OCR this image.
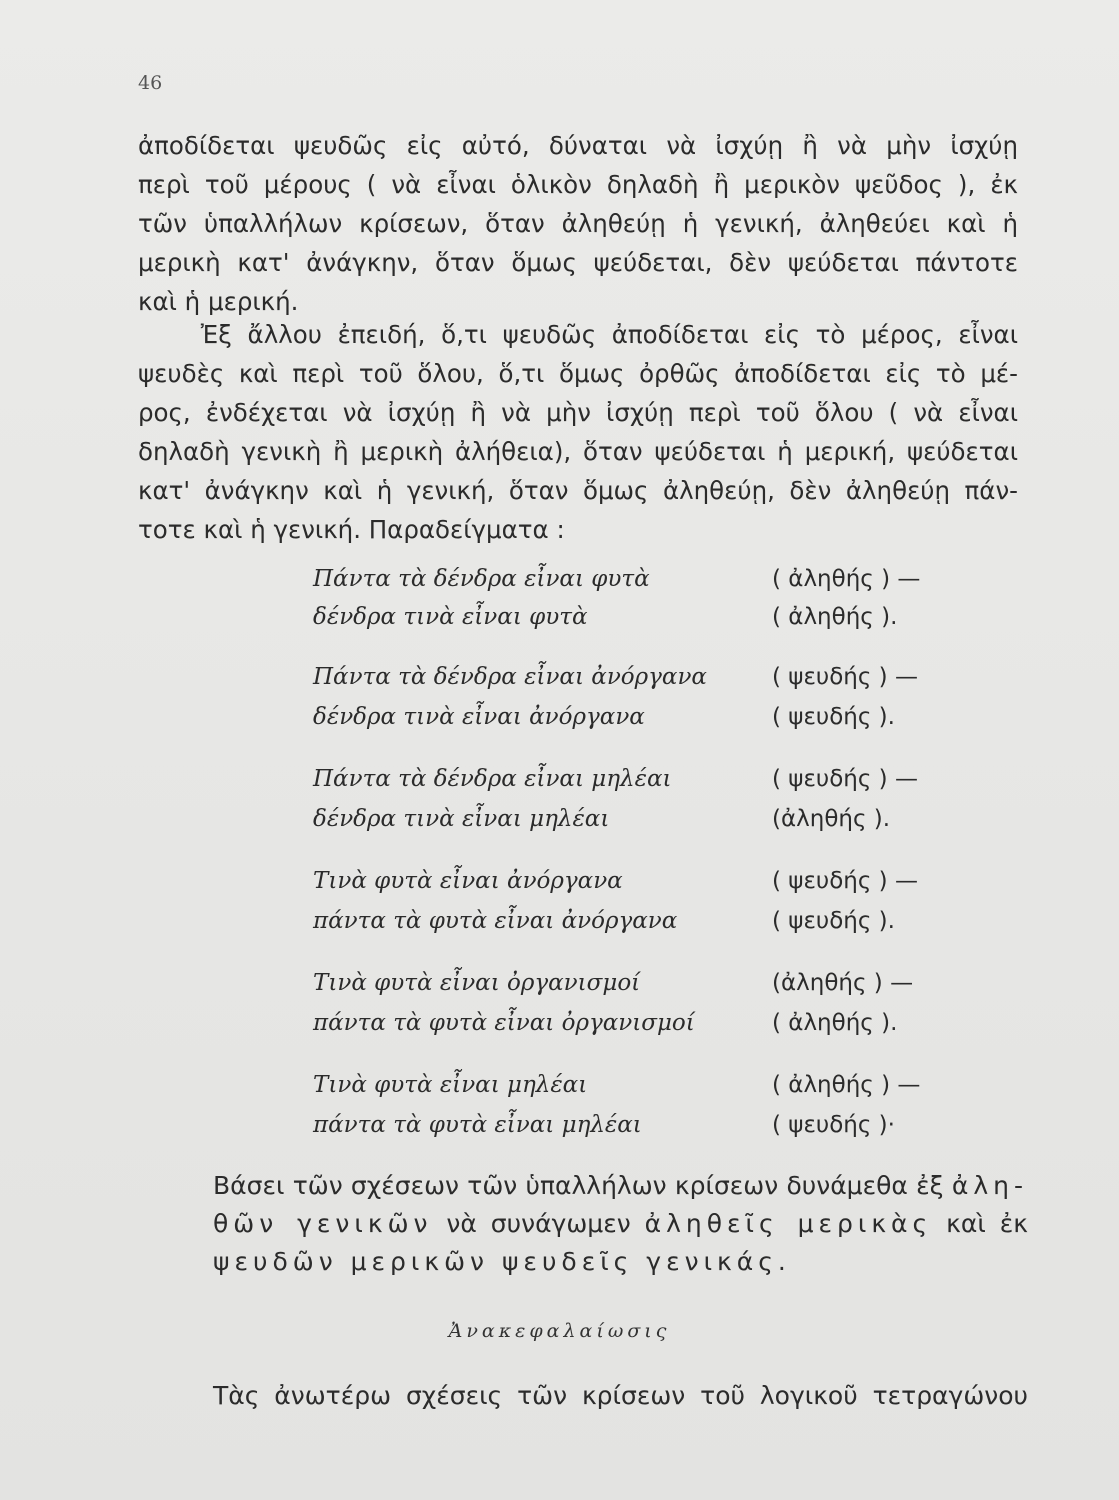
46
ἀποδίδεται ψευδῶς εἰς αὐτό, δύναται νὰ ἰσχύῃ ἢ νὰ μὴν ἰσχύῃ
περὶ τοῦ μέρους ( νὰ εἶναι ὁλικὸν δηλαδὴ ἢ μερικὸν ψεῦδος ), ἐκ
τῶν ὑπαλλήλων κρίσεων, ὅταν ἀληθεύῃ ἡ γενική, ἀληθεύει καὶ ἡ
μερικὴ κατ' ἀνάγκην, ὅταν ὅμως ψεύδεται, δὲν ψεύδεται πάντοτε
καὶ ἡ μερική.
Ἐξ ἄλλου ἐπειδή, ὅ,τι ψευδῶς ἀποδίδεται εἰς τὸ μέρος, εἶναι
ψευδὲς καὶ περὶ τοῦ ὅλου, ὅ,τι ὅμως ὀρθῶς ἀποδίδεται εἰς τὸ μέ-
ρος, ἐνδέχεται νὰ ἰσχύῃ ἢ νὰ μὴν ἰσχύῃ περὶ τοῦ ὅλου ( νὰ εἶναι
δηλαδὴ γενικὴ ἢ μερικὴ ἀλήθεια), ὅταν ψεύδεται ἡ μερική, ψεύδεται
κατ' ἀνάγκην καὶ ἡ γενική, ὅταν ὅμως ἀληθεύῃ, δὲν ἀληθεύῃ πάν-
τοτε καὶ ἡ γενική. Παραδείγματα :
Πάντα τὰ δένδρα εἶναι φυτὰ	( ἀληθής ) —
δένδρα τινὰ εἶναι φυτὰ	( ἀληθής ).
Πάντα τὰ δένδρα εἶναι ἀνόργανα	( ψευδής ) —
δένδρα τινὰ εἶναι ἀνόργανα	( ψευδής ).
Πάντα τὰ δένδρα εἶναι μηλέαι	( ψευδής ) —
δένδρα τινὰ εἶναι μηλέαι	(ἀληθής ).
Τινὰ φυτὰ εἶναι ἀνόργανα	( ψευδής ) —
πάντα τὰ φυτὰ εἶναι ἀνόργανα	( ψευδής ).
Τινὰ φυτὰ εἶναι ὀργανισμοί	(ἀληθής ) —
πάντα τὰ φυτὰ εἶναι ὀργανισμοί	( ἀληθής ).
Τινὰ φυτὰ εἶναι μηλέαι	( ἀληθής ) —
πάντα τὰ φυτὰ εἶναι μηλέαι	( ψευδής )·
Βάσει τῶν σχέσεων τῶν ὑπαλλήλων κρίσεων δυνάμεθα ἐξ ἀλη-
θῶν γενικῶν νὰ συνάγωμεν ἀληθεῖς μερικὰς καὶ ἐκ
ψευδῶν μερικῶν ψευδεῖς γενικάς.
Ἀνακεφαλαίωσις
Τὰς ἀνωτέρω σχέσεις τῶν κρίσεων τοῦ λογικοῦ τετραγώνου
